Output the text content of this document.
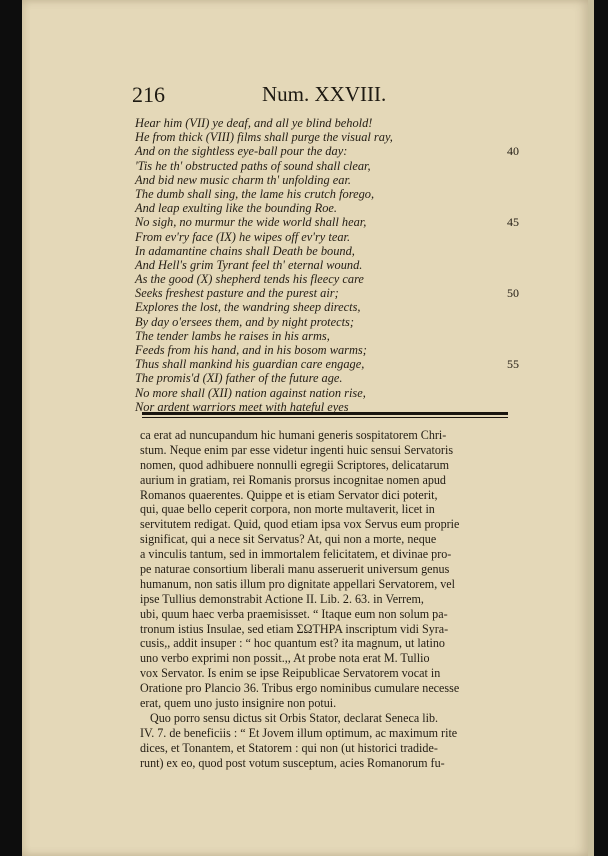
216	Num. XXVIII.
Hear him (VII) ye deaf, and all ye blind behold!
He from thick (VIII) films shall purge the visual ray,
And on the sightless eye-ball pour the day:	40
'Tis he th' obstructed paths of sound shall clear,
And bid new music charm th' unfolding ear.
The dumb shall sing, the lame his crutch forego,
And leap exulting like the bounding Roe.
No sigh, no murmur the wide world shall hear,	45
From ev'ry face (IX) he wipes off ev'ry tear.
In adamantine chains shall Death be bound,
And Hell's grim Tyrant feel th' eternal wound.
As the good (X) shepherd tends his fleecy care
Seeks freshest pasture and the purest air;	50
Explores the lost, the wandring sheep directs,
By day o'ersees them, and by night protects;
The tender lambs he raises in his arms,
Feeds from his hand, and in his bosom warms;
Thus shall mankind his guardian care engage,	55
The promis'd (XI) father of the future age.
No more shall (XII) nation against nation rise,
Nor ardent warriors meet with hateful eyes
ca erat ad nuncupandum hic humani generis sospitatorem Chri-
stum. Neque enim par esse videtur ingenti huic sensui Servatoris
nomen, quod adhibuere nonnulli egregii Scriptores, delicatarum
aurium in gratiam, rei Romanis prorsus incognitae nomen apud
Romanos quaerentes. Quippe et is etiam Servator dici poterit,
qui, quae bello ceperit corpora, non morte multaverit, licet in
servitutem redigat. Quid, quod etiam ipsa vox Servus eum proprie
significat, qui a nece sit Servatus? At, qui non a morte, neque
a vinculis tantum, sed in immortalem felicitatem, et divinae pro-
pe naturae consortium liberali manu asseruerit universum genus
humanum, non satis illum pro dignitate appellari Servatorem, vel
ipse Tullius demonstrabit Actione II. Lib. 2. 63. in Verrem,
ubi, quum haec verba praemisisset. “ Itaque eum non solum pa-
tronum istius Insulae, sed etiam ΣΩΤΗΡΑ inscriptum vidi Syra-
cusis,, addit insuper : “ hoc quantum est? ita magnum, ut latino
uno verbo exprimi non possit.,, At probe nota erat M. Tullio
vox Servator. Is enim se ipse Reipublicae Servatorem vocat in
Oratione pro Plancio 36. Tribus ergo nominibus cumulare necesse
erat, quem uno justo insignire non potui.
Quo porro sensu dictus sit Orbis Stator, declarat Seneca lib.
IV. 7. de beneficiis : “ Et Jovem illum optimum, ac maximum rite
dices, et Tonantem, et Statorem : qui non (ut historici tradide-
runt) ex eo, quod post votum susceptum, acies Romanorum fu-
